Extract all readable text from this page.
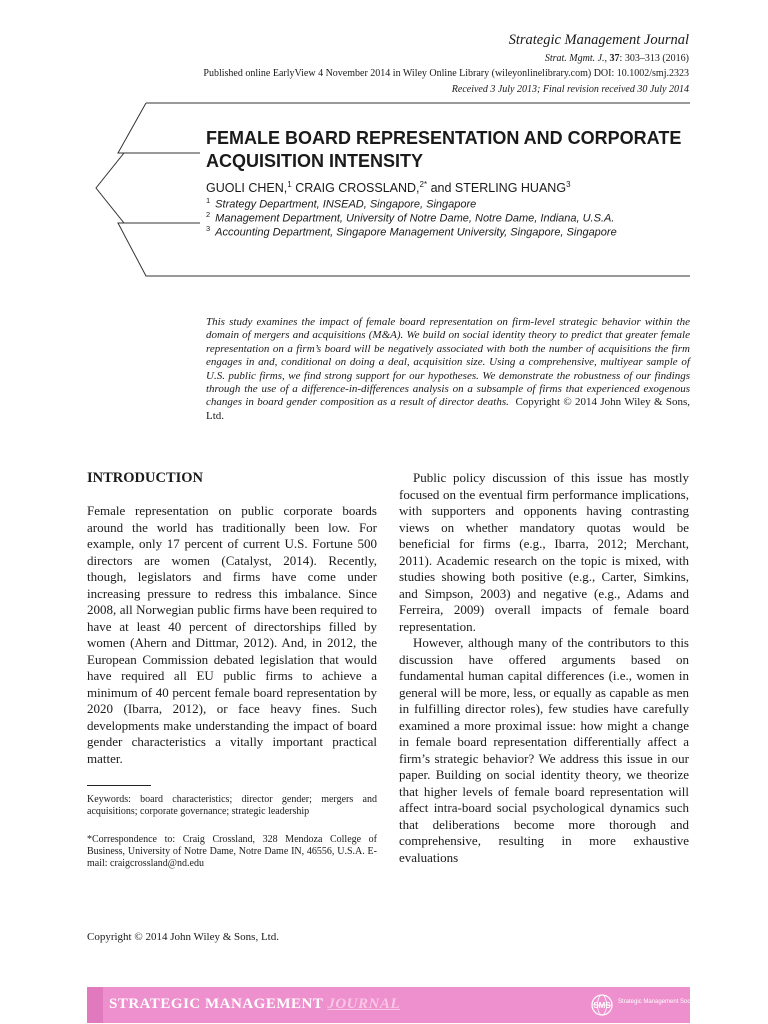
Strategic Management Journal
Strat. Mgmt. J., 37: 303–313 (2016)
Published online EarlyView 4 November 2014 in Wiley Online Library (wileyonlinelibrary.com) DOI: 10.1002/smj.2323
Received 3 July 2013; Final revision received 30 July 2014
FEMALE BOARD REPRESENTATION AND CORPORATE
ACQUISITION INTENSITY
GUOLI CHEN,$^1$ CRAIG CROSSLAND,$^{2*}$ and STERLING HUANG$^3$
$^1$ Strategy Department, INSEAD, Singapore, Singapore
$^2$ Management Department, University of Notre Dame, Notre Dame, Indiana, U.S.A.
$^3$ Accounting Department, Singapore Management University, Singapore, Singapore
This study examines the impact of female board representation on firm-level strategic behavior within the domain of mergers and acquisitions (M&A). We build on social identity theory to predict that greater female representation on a firm’s board will be negatively associated with both the number of acquisitions the firm engages in and, conditional on doing a deal, acquisition size. Using a comprehensive, multiyear sample of U.S. public firms, we find strong support for our hypotheses. We demonstrate the robustness of our findings through the use of a difference-in-differences analysis on a subsample of firms that experienced exogenous changes in board gender composition as a result of director deaths. Copyright © 2014 John Wiley & Sons, Ltd.
INTRODUCTION

Female representation on public corporate boards around the world has traditionally been low. For example, only 17 percent of current U.S. Fortune 500 directors are women (Catalyst, 2014). Recently, though, legislators and firms have come under increasing pressure to redress this imbalance. Since 2008, all Norwegian public firms have been required to have at least 40 percent of directorships filled by women (Ahern and Dittmar, 2012). And, in 2012, the European Commission debated legislation that would have required all EU public firms to achieve a minimum of 40 percent female board representation by 2020 (Ibarra, 2012), or face heavy fines. Such developments make understanding the impact of board gender characteristics a vitally important practical matter.

Keywords: board characteristics; director gender; mergers and acquisitions; corporate governance; strategic leadership
*Correspondence to: Craig Crossland, 328 Mendoza College of Business, University of Notre Dame, Notre Dame IN, 46556, U.S.A. E-mail: craigcrossland@nd.edu

Public policy discussion of this issue has mostly focused on the eventual firm performance implications, with supporters and opponents having contrasting views on whether mandatory quotas would be beneficial for firms (e.g., Ibarra, 2012; Merchant, 2011). Academic research on the topic is mixed, with studies showing both positive (e.g., Carter, Simkins, and Simpson, 2003) and negative (e.g., Adams and Ferreira, 2009) overall impacts of female board representation.

However, although many of the contributors to this discussion have offered arguments based on fundamental human capital differences (i.e., women in general will be more, less, or equally as capable as men in fulfilling director roles), few studies have carefully examined a more proximal issue: how might a change in female board representation differentially affect a firm’s strategic behavior? We address this issue in our paper. Building on social identity theory, we theorize that higher levels of female board representation will affect intra-board social psychological dynamics such that deliberations become more thorough and comprehensive, resulting in more exhaustive evaluations

Copyright © 2014 John Wiley & Sons, Ltd.
STRATEGIC MANAGEMENT JOURNAL	SMS Strategic Management Society
